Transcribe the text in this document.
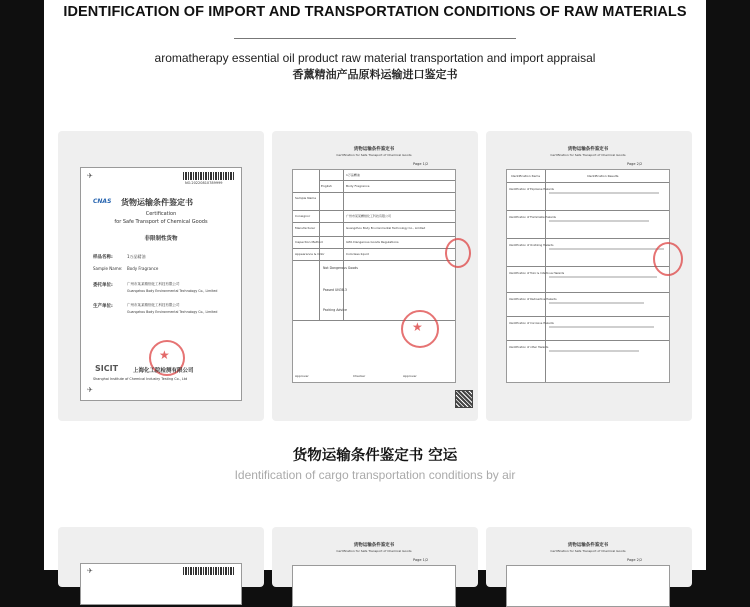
IDENTIFICATION OF IMPORT AND TRANSPORTATION CONDITIONS OF RAW MATERIALS
aromatherapy essential oil product raw material transportation and import appraisal
香薰精油产品原料运输进口鉴定书
✈
NO.20220810789999
CNAS 货物运输条件鉴定书
Certification
for Safe Transport of Chemical Goods
非限制性货物
样品名称:	1万品精油
Sample Name: Body Fragrance
委托单位:	广州市某某精细化工科技有限公司
Guangzhou Body Environmental Technology Co., Limited
生产单位:	广州市某某精细化工科技有限公司
Guangzhou Body Environmental Technology Co., Limited
★
SICIT	上海化工院检测有限公司
Shanghai Institute of Chemical Industry Testing Co., Ltd
✈
货物运输条件鉴定书
Certification for Safe Transport of Chemical Goods
Page 1/2
Sample Name
1万品精油
English	Body Fragrance
Consignor	广州市某某精细化工科技有限公司
Manufacturer	Guangzhou Body Environmental Technology Co., Limited
Inspection Method	IATA Dangerous Goods Regulations
Appearance & Odor	Colorless liquid
Not Dangerous Goods
Passed UN38.3
Packing Advice
★
Approver	Checker	Approver
货物运输条件鉴定书
Certification for Safe Transport of Chemical Goods
Page 2/2
Identification Items	Identification Results
Identification of Explosive Hazards
Identification of Flammable Hazards
Identification of Oxidizing Hazards
Identification of Toxic & Infectious Hazards
Identification of Radioactive Hazards
Identification of Corrosive Hazards
Identification of other Hazards
货物运输条件鉴定书 空运
Identification of cargo transportation conditions by air
✈
货物运输条件鉴定书
Certification for Safe Transport of Chemical Goods
Page 1/2
货物运输条件鉴定书
Certification for Safe Transport of Chemical Goods
Page 2/2
